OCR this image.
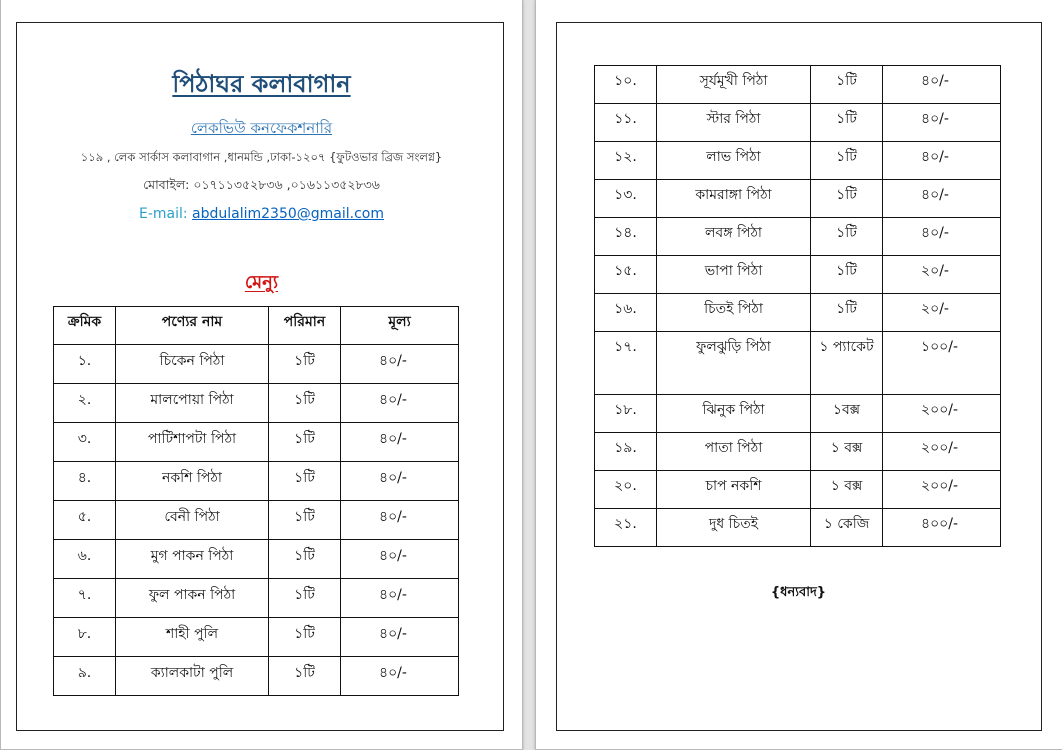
পিঠাঘর কলাবাগান
লেকভিউ কনফেকশনারি
১১৯ , লেক সার্কাস কলাবাগান ,ধানমন্ডি ,ঢাকা-১২০৭ {ফুটওভার ব্রিজ সংলগ্ন}
মোবাইল: ০১৭১১৩৫২৮৩৬ ,০১৬১১৩৫২৮৩৬
E-mail: abdulalim2350@gmail.com
মেন্যু
ক্রমিক	পণ্যের নাম	পরিমান	মূল্য
১.	চিকেন পিঠা	১টি	৪০/-
২.	মালপোয়া পিঠা	১টি	৪০/-
৩.	পাটিশাপটা পিঠা	১টি	৪০/-
৪.	নকশি পিঠা	১টি	৪০/-
৫.	বেনী পিঠা	১টি	৪০/-
৬.	মুগ পাকন পিঠা	১টি	৪০/-
৭.	ফুল পাকন পিঠা	১টি	৪০/-
৮.	শাহী পুলি	১টি	৪০/-
৯.	ক্যালকাটা পুলি	১টি	৪০/-
১০.	সূর্যমূখী পিঠা	১টি	৪০/-
১১.	স্টার পিঠা	১টি	৪০/-
১২.	লাভ পিঠা	১টি	৪০/-
১৩.	কামরাঙ্গা পিঠা	১টি	৪০/-
১৪.	লবঙ্গ পিঠা	১টি	৪০/-
১৫.	ভাপা পিঠা	১টি	২০/-
১৬.	চিতই পিঠা	১টি	২০/-
১৭.	ফুলঝুড়ি পিঠা	১ প্যাকেট	১০০/-
১৮.	ঝিনুক পিঠা	১বক্স	২০০/-
১৯.	পাতা পিঠা	১ বক্স	২০০/-
২০.	চাপ নকশি	১ বক্স	২০০/-
২১.	দুধ চিতই	১ কেজি	৪০০/-
{ধন্যবাদ}
